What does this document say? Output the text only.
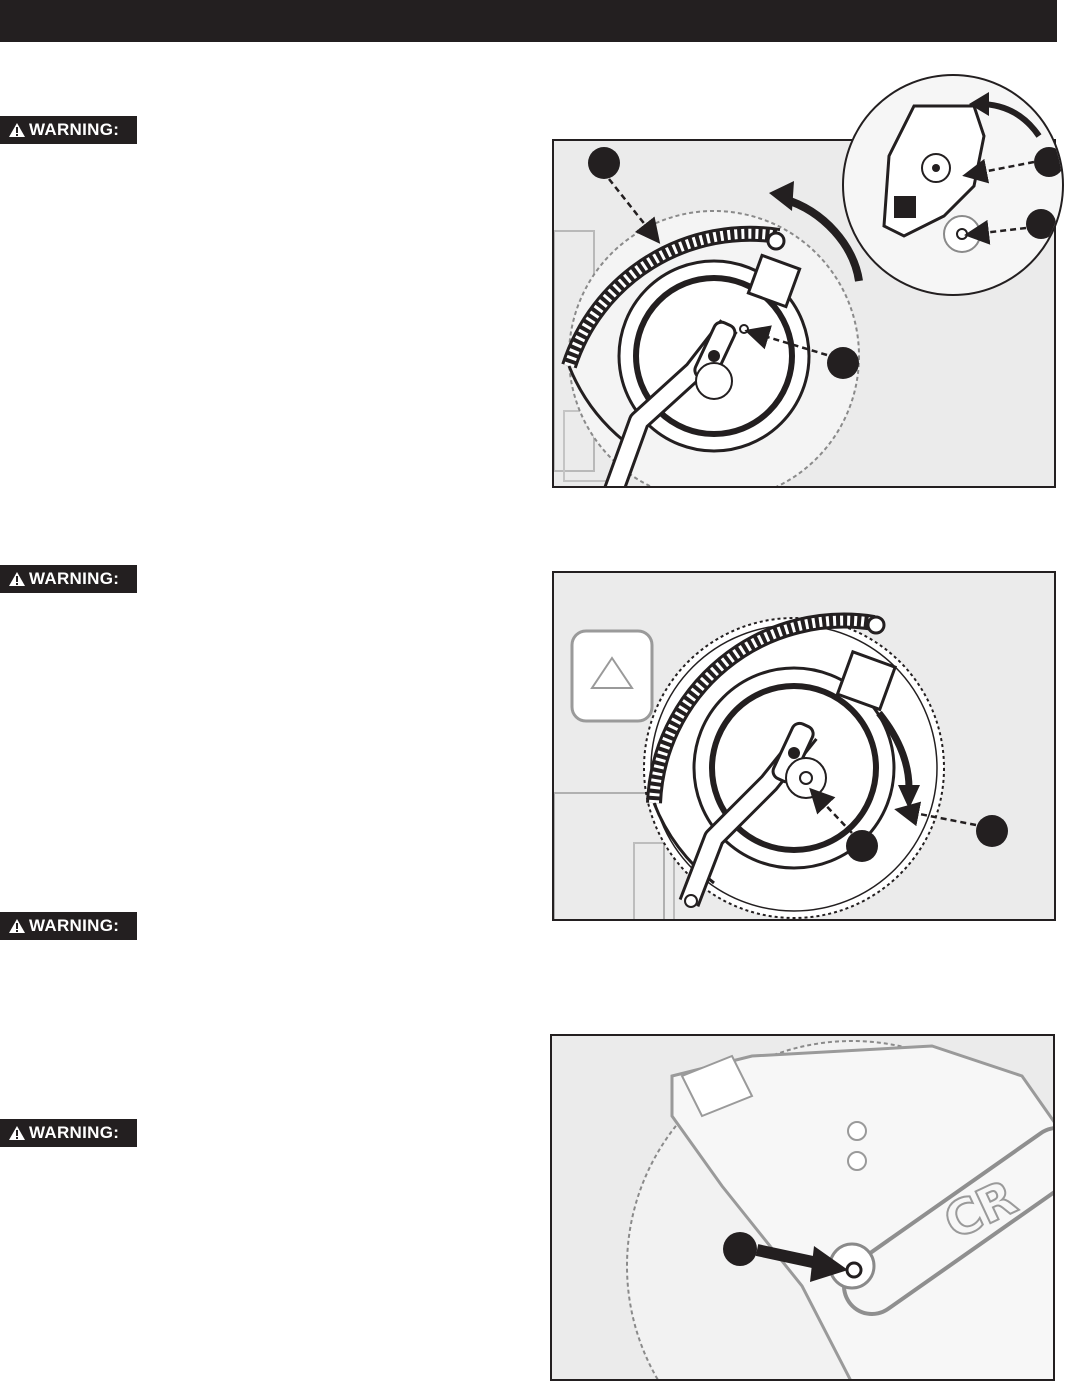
WARNING:
WARNING:
WARNING:
WARNING:
CR
